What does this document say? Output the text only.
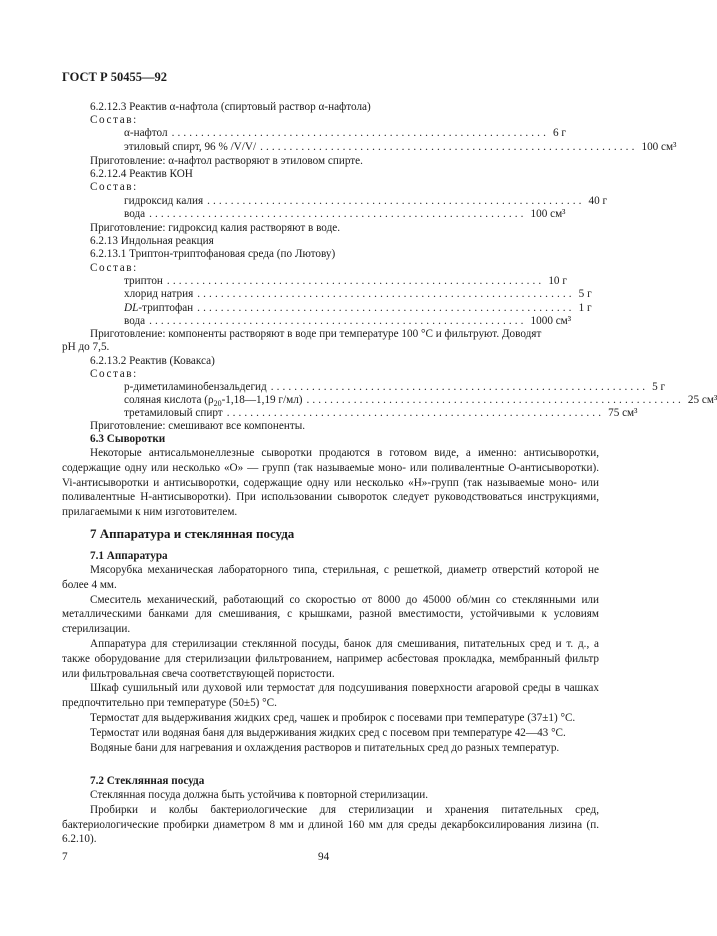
ГОСТ Р 50455—92
6.2.12.3 Реактив α-нафтола (спиртовый раствор α-нафтола)
Состав:
α-нафтол ................................................................ 6 г
этиловый спирт, 96 % /V/V/ ................................................................ 100 см³
Приготовление: α-нафтол растворяют в этиловом спирте.
6.2.12.4 Реактив КОН
Состав:
гидроксид калия ................................................................ 40 г
вода ................................................................ 100 см³
Приготовление: гидроксид калия растворяют в воде.
6.2.13 Индольная реакция
6.2.13.1 Триптон-триптофановая среда (по Лютову)
Состав:
триптон ................................................................ 10 г
хлорид натрия ................................................................ 5 г
DL-триптофан ................................................................ 1 г
вода ................................................................ 1000 см³
Приготовление: компоненты растворяют в воде при температуре 100 °С и фильтруют. Доводят
рН до 7,5.
6.2.13.2 Реактив (Ковакса)
Состав:
р-диметиламинобензальдегид ................................................................ 5 г
соляная кислота ($\rho_{20}-1,18—1,19$ г/мл) ................................................................ 25 см³
третамиловый спирт ................................................................ 75 см³
Приготовление: смешивают все компоненты.
6.3 Сыворотки
Некоторые антисальмонеллезные сыворотки продаются в готовом виде, а именно: антисыворотки, содержащие одну или несколько «О» — групп (так называемые моно- или поливалентные О-антисыворотки). Vi-антисыворотки и антисыворотки, содержащие одну или несколько «Н»-групп (так называемые моно- или поливалентные Н-антисыворотки). При использовании сывороток следует руководствоваться инструкциями, прилагаемыми к ним изготовителем.
7 Аппаратура и стеклянная посуда
7.1 Аппаратура
Мясорубка механическая лабораторного типа, стерильная, с решеткой, диаметр отверстий которой не более 4 мм.
Смеситель механический, работающий со скоростью от 8000 до 45000 об/мин со стеклянными или металлическими банками для смешивания, с крышками, разной вместимости, устойчивыми к условиям стерилизации.
Аппаратура для стерилизации стеклянной посуды, банок для смешивания, питательных сред и т. д., а также оборудование для стерилизации фильтрованием, например асбестовая прокладка, мембранный фильтр или фильтровальная свеча соответствующей пористости.
Шкаф сушильный или духовой или термостат для подсушивания поверхности агаровой среды в чашках предпочтительно при температуре (50±5) °С.
Термостат для выдерживания жидких сред, чашек и пробирок с посевами при температуре (37±1) °С.
Термостат или водяная баня для выдерживания жидких сред с посевом при температуре 42—43 °С.
Водяные бани для нагревания и охлаждения растворов и питательных сред до разных температур.
7.2 Стеклянная посуда
Стеклянная посуда должна быть устойчива к повторной стерилизации.
Пробирки и колбы бактериологические для стерилизации и хранения питательных сред, бактериологические пробирки диаметром 8 мм и длиной 160 мм для среды декарбоксилирования лизина (п. 6.2.10).
7	94
